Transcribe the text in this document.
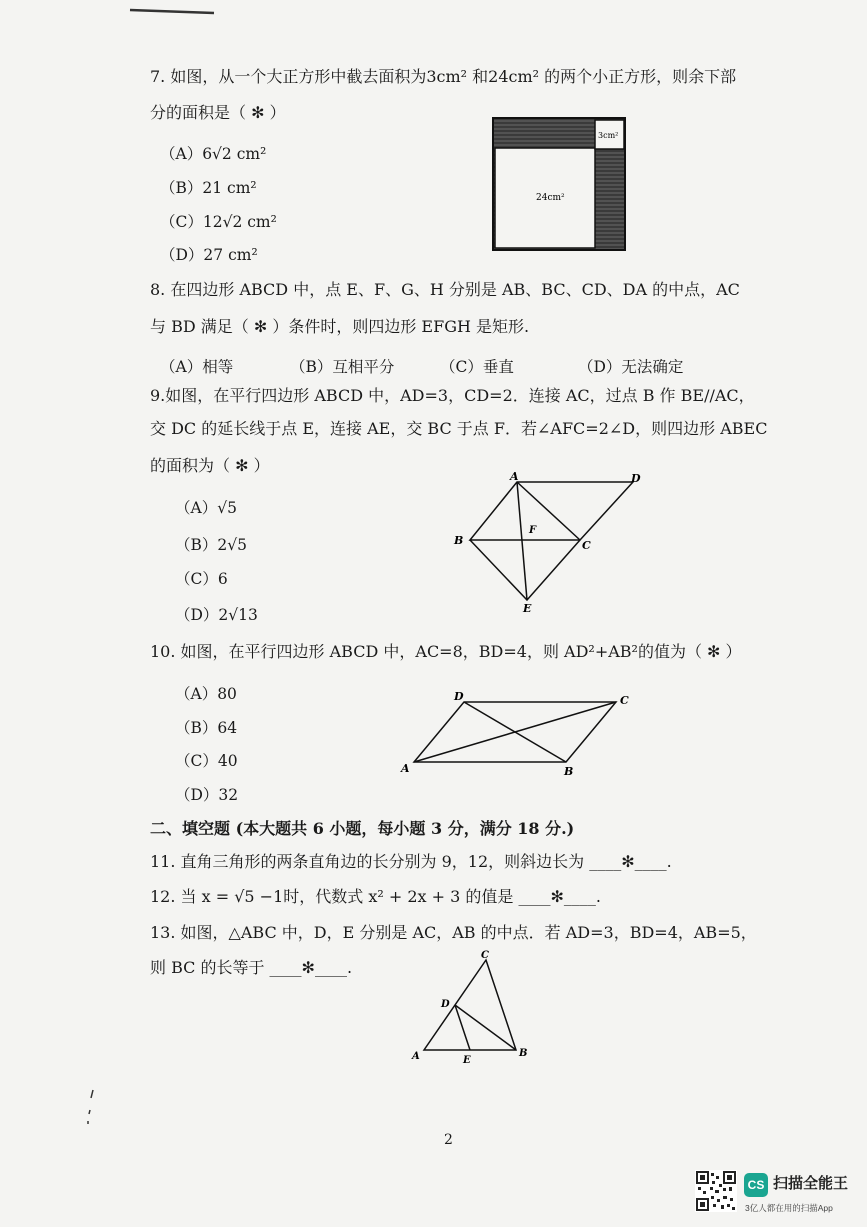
7. 如图，从一个大正方形中截去面积为3cm² 和24cm² 的两个小正方形，则余下部
分的面积是（ ✻ ）
（A）6√2 cm²
（B）21 cm²
（C）12√2 cm²
（D）27 cm²
3cm²
24cm²
8. 在四边形 ABCD 中，点 E、F、G、H 分别是 AB、BC、CD、DA 的中点，AC
与 BD 满足（ ✻ ）条件时，则四边形 EFGH 是矩形.
（A）相等	（B）互相平分	（C）垂直	（D）无法确定
9.如图，在平行四边形 ABCD 中，AD=3，CD=2．连接 AC，过点 B 作 BE//AC，
交 DC 的延长线于点 E，连接 AE，交 BC 于点 F．若∠AFC=2∠D，则四边形 ABEC
的面积为（ ✻ ）
（A）√5
（B）2√5
（C）6
（D）2√13
A	D
B	C
F
E
10. 如图，在平行四边形 ABCD 中，AC=8，BD=4，则 AD²+AB²的值为（ ✻ ）
（A）80
（B）64
（C）40
（D）32
D	C
A	B
二、填空题 (本大题共 6 小题，每小题 3 分，满分 18 分.)
11. 直角三角形的两条直角边的长分别为 9，12，则斜边长为 ____✻____.
12. 当 x = √5 −1时，代数式 x² + 2x + 3 的值是 ____✻____.
13. 如图，△ABC 中，D，E 分别是 AC，AB 的中点．若 AD=3，BD=4，AB=5，
则 BC 的长等于 ____✻____.
C
D
A	E
B
2
CS 扫描全能王
3亿人都在用的扫描App
